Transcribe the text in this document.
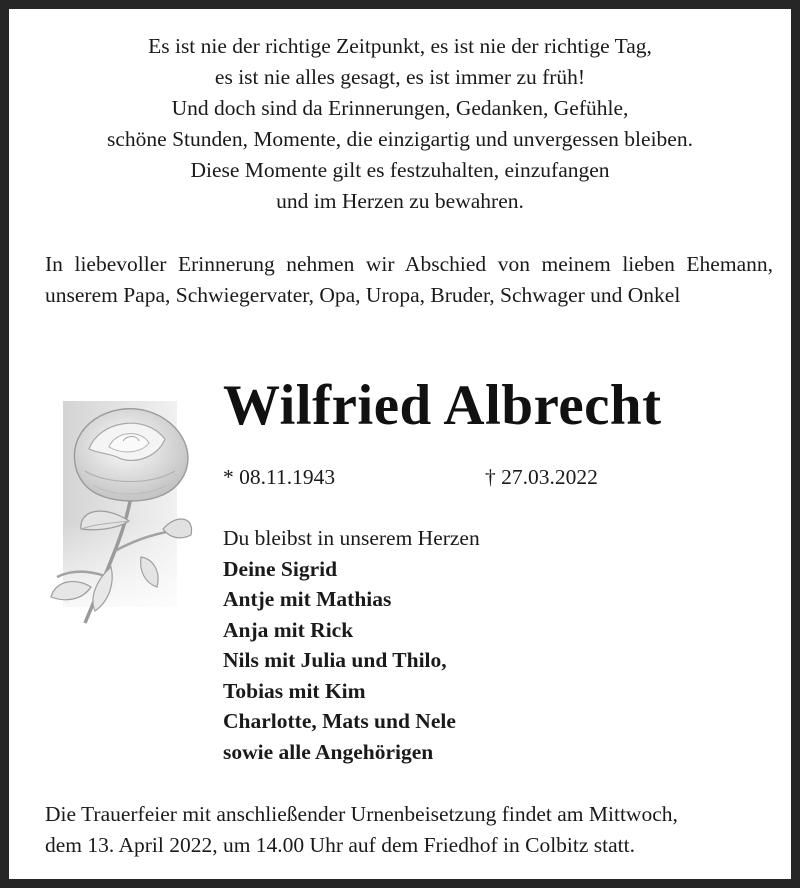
Es ist nie der richtige Zeitpunkt, es ist nie der richtige Tag,
es ist nie alles gesagt, es ist immer zu früh!
Und doch sind da Erinnerungen, Gedanken, Gefühle,
schöne Stunden, Momente, die einzigartig und unvergessen bleiben.
Diese Momente gilt es festzuhalten, einzufangen
und im Herzen zu bewahren.
In liebevoller Erinnerung nehmen wir Abschied von meinem lieben Ehemann, unserem Papa, Schwiegervater, Opa, Uropa, Bruder, Schwager und Onkel
Wilfried Albrecht
* 08.11.1943	† 27.03.2022
Du bleibst in unserem Herzen
Deine Sigrid
Antje mit Mathias
Anja mit Rick
Nils mit Julia und Thilo,
Tobias mit Kim
Charlotte, Mats und Nele
sowie alle Angehörigen
Die Trauerfeier mit anschließender Urnenbeisetzung findet am Mittwoch,
dem 13. April 2022, um 14.00 Uhr auf dem Friedhof in Colbitz statt.
